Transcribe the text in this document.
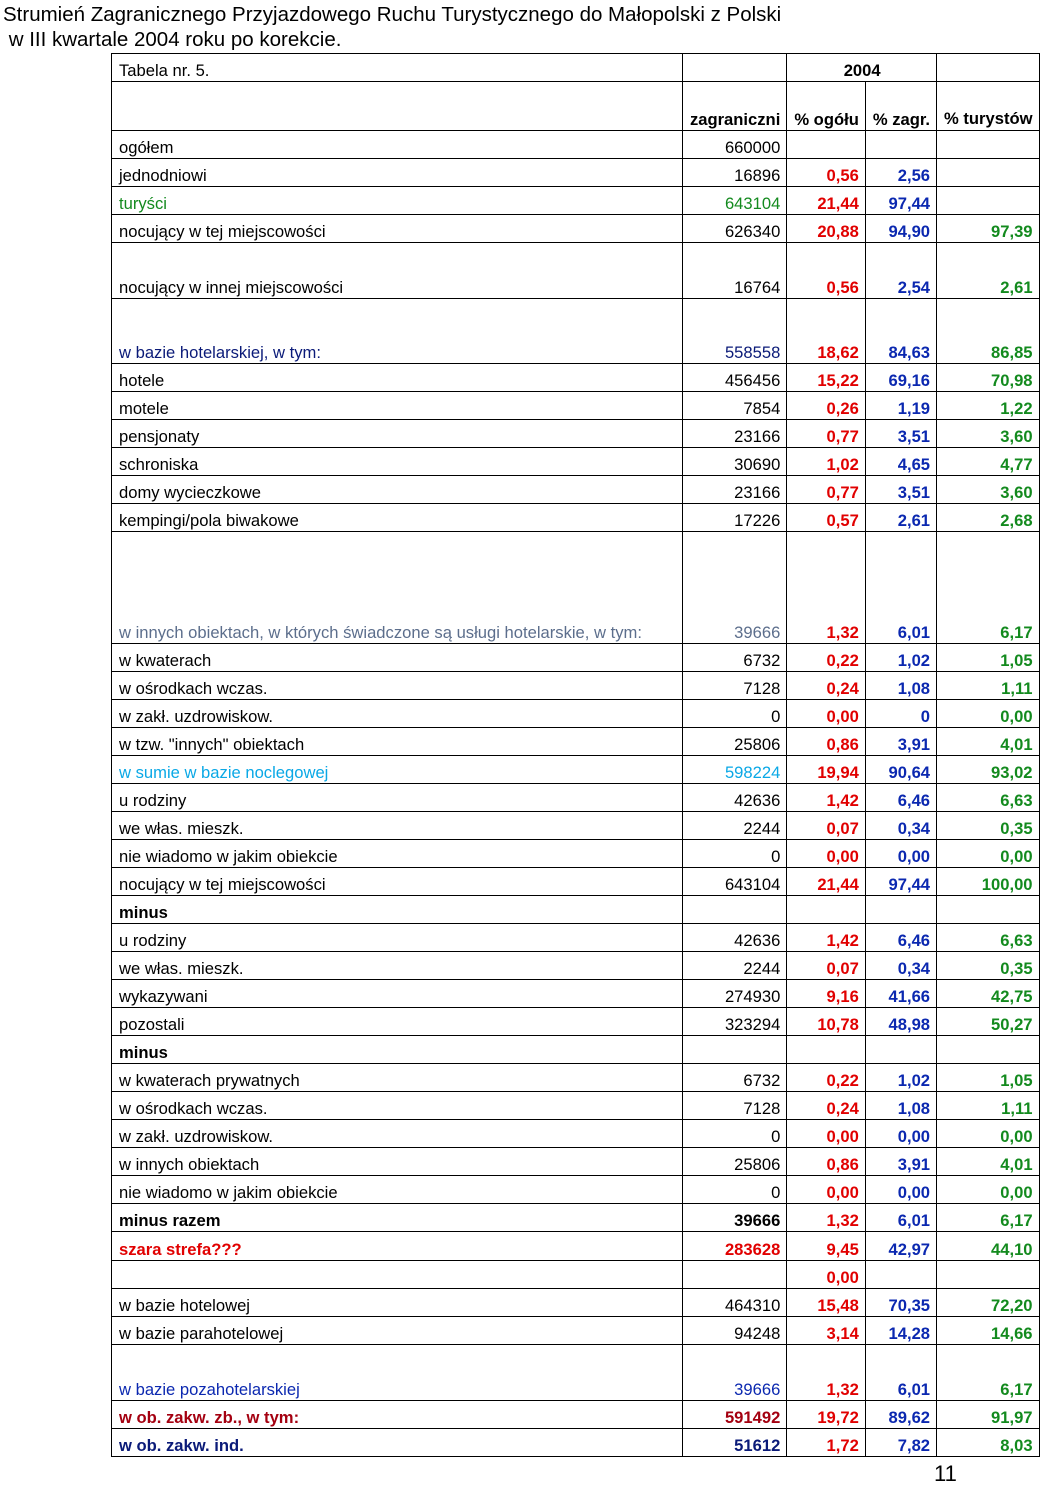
Strumień Zagranicznego Przyjazdowego Ruchu Turystycznego do Małopolski z Polski
w III kwartale 2004 roku po korekcie.
Tabela nr. 5.		2004		
	zagraniczni	% ogółu	% zagr.	% turystów
ogółem	660000			
jednodniowi	16896	0,56	2,56	
turyści	643104	21,44	97,44	
nocujący w tej miejscowości	626340	20,88	94,90	97,39
nocujący w innej miejscowości	16764	0,56	2,54	2,61
w bazie hotelarskiej, w tym:	558558	18,62	84,63	86,85
hotele	456456	15,22	69,16	70,98
motele	7854	0,26	1,19	1,22
pensjonaty	23166	0,77	3,51	3,60
schroniska	30690	1,02	4,65	4,77
domy wycieczkowe	23166	0,77	3,51	3,60
kempingi/pola biwakowe	17226	0,57	2,61	2,68
w innych obiektach, w których świadczone są usługi hotelarskie, w tym:	39666	1,32	6,01	6,17
w kwaterach	6732	0,22	1,02	1,05
w ośrodkach wczas.	7128	0,24	1,08	1,11
w zakł. uzdrowiskow.	0	0,00	0	0,00
w tzw. "innych" obiektach	25806	0,86	3,91	4,01
w sumie w bazie noclegowej	598224	19,94	90,64	93,02
u rodziny	42636	1,42	6,46	6,63
we włas. mieszk.	2244	0,07	0,34	0,35
nie wiadomo w jakim obiekcie	0	0,00	0,00	0,00
nocujący w tej miejscowości	643104	21,44	97,44	100,00
minus				
u rodziny	42636	1,42	6,46	6,63
we włas. mieszk.	2244	0,07	0,34	0,35
wykazywani	274930	9,16	41,66	42,75
pozostali	323294	10,78	48,98	50,27
minus				
w kwaterach prywatnych	6732	0,22	1,02	1,05
w ośrodkach wczas.	7128	0,24	1,08	1,11
w zakł. uzdrowiskow.	0	0,00	0,00	0,00
w innych obiektach	25806	0,86	3,91	4,01
nie wiadomo w jakim obiekcie	0	0,00	0,00	0,00
minus razem	39666	1,32	6,01	6,17
szara strefa???	283628	9,45	42,97	44,10
		0,00		
w bazie hotelowej	464310	15,48	70,35	72,20
w bazie parahotelowej	94248	3,14	14,28	14,66
w bazie pozahotelarskiej	39666	1,32	6,01	6,17
w ob. zakw. zb., w tym:	591492	19,72	89,62	91,97
w ob. zakw. ind.	51612	1,72	7,82	8,03
11
